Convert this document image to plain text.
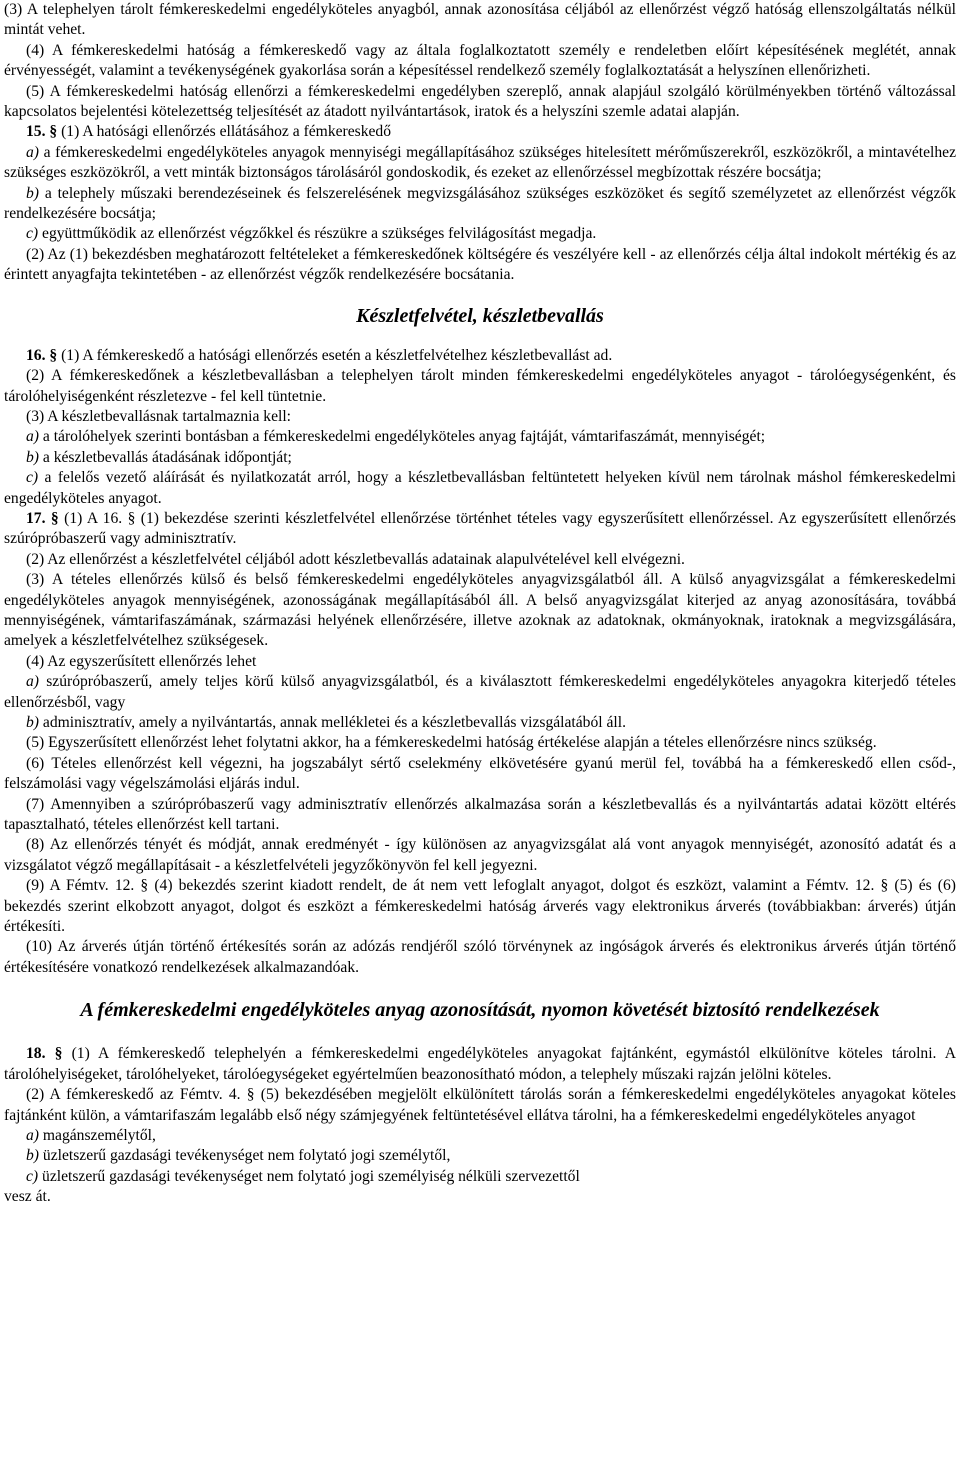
(3) A telephelyen tárolt fémkereskedelmi engedélyköteles anyagból, annak azonosítása céljából az ellenőrzést végző hatóság ellenszolgáltatás nélkül mintát vehet.

(4) A fémkereskedelmi hatóság a fémkereskedő vagy az általa foglalkoztatott személy e rendeletben előírt képesítésének meglétét, annak érvényességét, valamint a tevékenységének gyakorlása során a képesítéssel rendelkező személy foglalkoztatását a helyszínen ellenőrizheti.

(5) A fémkereskedelmi hatóság ellenőrzi a fémkereskedelmi engedélyben szereplő, annak alapjául szolgáló körülményekben történő változással kapcsolatos bejelentési kötelezettség teljesítését az átadott nyilvántartások, iratok és a helyszíni szemle adatai alapján.

15. § (1) A hatósági ellenőrzés ellátásához a fémkereskedő

a) a fémkereskedelmi engedélyköteles anyagok mennyiségi megállapításához szükséges hitelesített mérőműszerekről, eszközökről, a mintavételhez szükséges eszközökről, a vett minták biztonságos tárolásáról gondoskodik, és ezeket az ellenőrzéssel megbízottak részére bocsátja;

b) a telephely műszaki berendezéseinek és felszerelésének megvizsgálásához szükséges eszközöket és segítő személyzetet az ellenőrzést végzők rendelkezésére bocsátja;

c) együttműködik az ellenőrzést végzőkkel és részükre a szükséges felvilágosítást megadja.

(2) Az (1) bekezdésben meghatározott feltételeket a fémkereskedőnek költségére és veszélyére kell - az ellenőrzés célja által indokolt mértékig és az érintett anyagfajta tekintetében - az ellenőrzést végzők rendelkezésére bocsátania.

Készletfelvétel, készletbevallás

16. § (1) A fémkereskedő a hatósági ellenőrzés esetén a készletfelvételhez készletbevallást ad.

(2) A fémkereskedőnek a készletbevallásban a telephelyen tárolt minden fémkereskedelmi engedélyköteles anyagot - tárolóegységenként, és tárolóhelyiségenként részletezve - fel kell tüntetnie.

(3) A készletbevallásnak tartalmaznia kell:

a) a tárolóhelyek szerinti bontásban a fémkereskedelmi engedélyköteles anyag fajtáját, vámtarifaszámát, mennyiségét;

b) a készletbevallás átadásának időpontját;

c) a felelős vezető aláírását és nyilatkozatát arról, hogy a készletbevallásban feltüntetett helyeken kívül nem tárolnak máshol fémkereskedelmi engedélyköteles anyagot.

17. § (1) A 16. § (1) bekezdése szerinti készletfelvétel ellenőrzése történhet tételes vagy egyszerűsített ellenőrzéssel. Az egyszerűsített ellenőrzés szúrópróbaszerű vagy adminisztratív.

(2) Az ellenőrzést a készletfelvétel céljából adott készletbevallás adatainak alapulvételével kell elvégezni.

(3) A tételes ellenőrzés külső és belső fémkereskedelmi engedélyköteles anyagvizsgálatból áll. A külső anyagvizsgálat a fémkereskedelmi engedélyköteles anyagok mennyiségének, azonosságának megállapításából áll. A belső anyagvizsgálat kiterjed az anyag azonosítására, továbbá mennyiségének, vámtarifaszámának, származási helyének ellenőrzésére, illetve azoknak az adatoknak, okmányoknak, iratoknak a megvizsgálására, amelyek a készletfelvételhez szükségesek.

(4) Az egyszerűsített ellenőrzés lehet

a) szúrópróbaszerű, amely teljes körű külső anyagvizsgálatból, és a kiválasztott fémkereskedelmi engedélyköteles anyagokra kiterjedő tételes ellenőrzésből, vagy

b) adminisztratív, amely a nyilvántartás, annak mellékletei és a készletbevallás vizsgálatából áll.

(5) Egyszerűsített ellenőrzést lehet folytatni akkor, ha a fémkereskedelmi hatóság értékelése alapján a tételes ellenőrzésre nincs szükség.

(6) Tételes ellenőrzést kell végezni, ha jogszabályt sértő cselekmény elkövetésére gyanú merül fel, továbbá ha a fémkereskedő ellen csőd-, felszámolási vagy végelszámolási eljárás indul.

(7) Amennyiben a szúrópróbaszerű vagy adminisztratív ellenőrzés alkalmazása során a készletbevallás és a nyilvántartás adatai között eltérés tapasztalható, tételes ellenőrzést kell tartani.

(8) Az ellenőrzés tényét és módját, annak eredményét - így különösen az anyagvizsgálat alá vont anyagok mennyiségét, azonosító adatát és a vizsgálatot végző megállapításait - a készletfelvételi jegyzőkönyvön fel kell jegyezni.

(9) A Fémtv. 12. § (4) bekezdés szerint kiadott rendelt, de át nem vett lefoglalt anyagot, dolgot és eszközt, valamint a Fémtv. 12. § (5) és (6) bekezdés szerint elkobzott anyagot, dolgot és eszközt a fémkereskedelmi hatóság árverés vagy elektronikus árverés (továbbiakban: árverés) útján értékesíti.

(10) Az árverés útján történő értékesítés során az adózás rendjéről szóló törvénynek az ingóságok árverés és elektronikus árverés útján történő értékesítésére vonatkozó rendelkezések alkalmazandóak.

A fémkereskedelmi engedélyköteles anyag azonosítását, nyomon követését biztosító rendelkezések

18. § (1) A fémkereskedő telephelyén a fémkereskedelmi engedélyköteles anyagokat fajtánként, egymástól elkülönítve köteles tárolni. A tárolóhelyiségeket, tárolóhelyeket, tárolóegységeket egyértelműen beazonosítható módon, a telephely műszaki rajzán jelölni köteles.

(2) A fémkereskedő az Fémtv. 4. § (5) bekezdésében megjelölt elkülönített tárolás során a fémkereskedelmi engedélyköteles anyagokat köteles fajtánként külön, a vámtarifaszám legalább első négy számjegyének feltüntetésével ellátva tárolni, ha a fémkereskedelmi engedélyköteles anyagot

a) magánszemélytől,

b) üzletszerű gazdasági tevékenységet nem folytató jogi személytől,

c) üzletszerű gazdasági tevékenységet nem folytató jogi személyiség nélküli szervezettől

vesz át.
